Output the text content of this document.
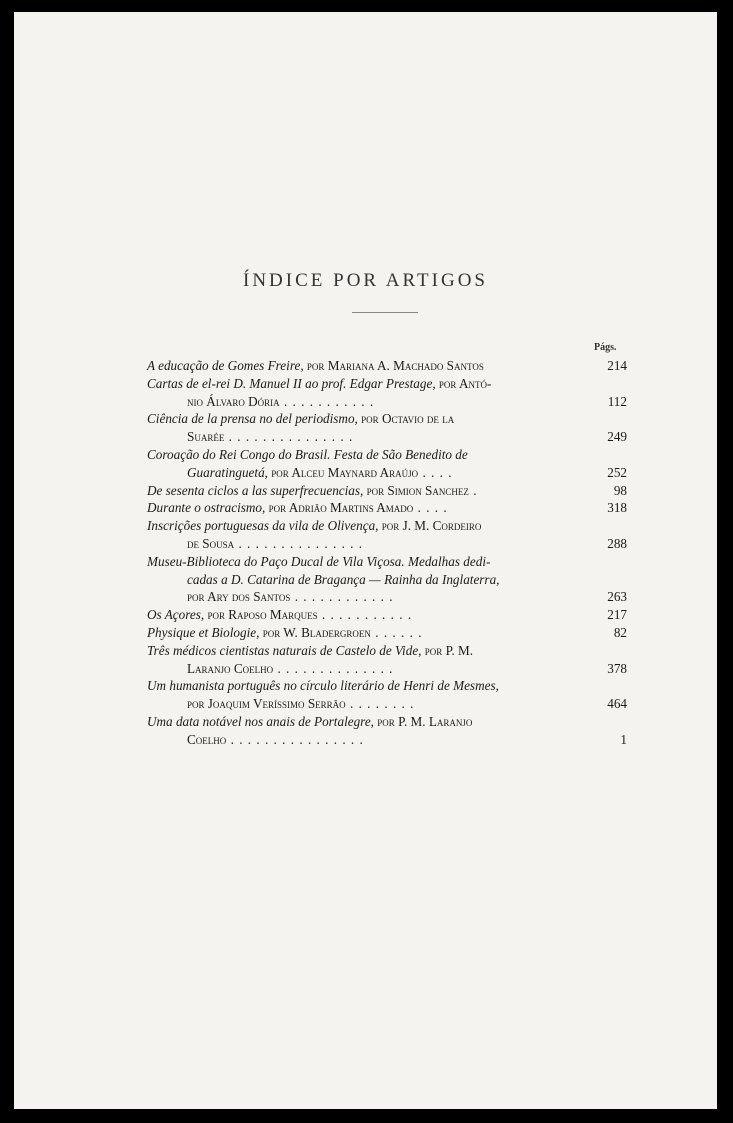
ÍNDICE POR ARTIGOS
Págs.
A educação de Gomes Freire, por Mariana A. Machado Santos	214
Cartas de el-rei D. Manuel II ao prof. Edgar Prestage, por Antó-
nio Álvaro Dória . . . . . . . . . . .	112
Ciência de la prensa no del periodismo, por Octavio de la
Suarée . . . . . . . . . . . . . . .	249
Coroação do Rei Congo do Brasil. Festa de São Benedito de
Guaratinguetá, por Alceu Maynard Araújo . . . .	252
De sesenta ciclos a las superfrecuencias, por Simion Sanchez .	98
Durante o ostracismo, por Adrião Martins Amado . . . .	318
Inscrições portuguesas da vila de Olivença, por J. M. Cordeiro
de Sousa . . . . . . . . . . . . . . .	288
Museu-Biblioteca do Paço Ducal de Vila Viçosa. Medalhas dedi-
cadas a D. Catarina de Bragança — Rainha da Inglaterra,
por Ary dos Santos . . . . . . . . . . . .	263
Os Açores, por Raposo Marques . . . . . . . . . . .	217
Physique et Biologie, por W. Bladergroen . . . . . .	82
Três médicos cientistas naturais de Castelo de Vide, por P. M.
Laranjo Coelho . . . . . . . . . . . . . .	378
Um humanista português no círculo literário de Henri de Mesmes,
por Joaquim Veríssimo Serrão . . . . . . . .	464
Uma data notável nos anais de Portalegre, por P. M. Laranjo
Coelho . . . . . . . . . . . . . . . .	1
